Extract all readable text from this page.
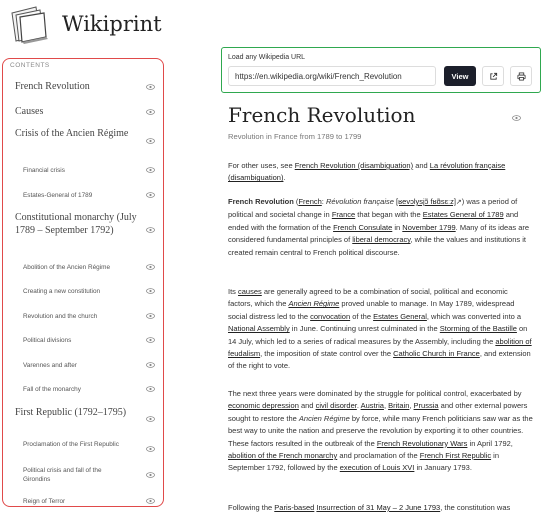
Wikiprint
CONTENTS
French Revolution
Causes
Crisis of the Ancien Régime
Financial crisis
Estates-General of 1789
Constitutional monarchy (July 1789 – September 1792)
Abolition of the Ancien Régime
Creating a new constitution
Revolution and the church
Political divisions
Varennes and after
Fall of the monarchy
First Republic (1792–1795)
Proclamation of the First Republic
Political crisis and fall of the Girondins
Reign of Terror
Load any Wikipedia URL
https://en.wikipedia.org/wiki/French_Revolution
View
French Revolution
Revolution in France from 1789 to 1799

For other uses, see French Revolution (disambiguation) and La révolution française (disambiguation).

French Revolution (French: Révolution française [ʁevɔlysjɔ̃ fʁɑ̃sɛːz]↗) was a period of political and societal change in France that began with the Estates General of 1789 and ended with the formation of the French Consulate in November 1799. Many of its ideas are considered fundamental principles of liberal democracy, while the values and institutions it created remain central to French political discourse.

Its causes are generally agreed to be a combination of social, political and economic factors, which the Ancien Régime proved unable to manage. In May 1789, widespread social distress led to the convocation of the Estates General, which was converted into a National Assembly in June. Continuing unrest culminated in the Storming of the Bastille on 14 July, which led to a series of radical measures by the Assembly, including the abolition of feudalism, the imposition of state control over the Catholic Church in France, and extension of the right to vote.

The next three years were dominated by the struggle for political control, exacerbated by economic depression and civil disorder. Austria, Britain, Prussia and other external powers sought to restore the Ancien Régime by force, while many French politicians saw war as the best way to unite the nation and preserve the revolution by exporting it to other countries. These factors resulted in the outbreak of the French Revolutionary Wars in April 1792, abolition of the French monarchy and proclamation of the French First Republic in September 1792, followed by the execution of Louis XVI in January 1793.

Following the Paris-based Insurrection of 31 May – 2 June 1793, the constitution was
